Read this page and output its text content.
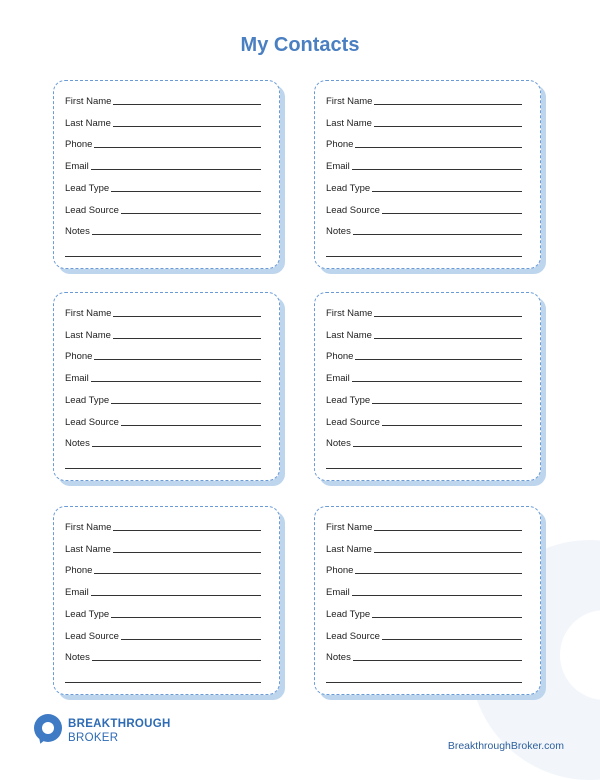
My Contacts
First Name
Last Name
Phone
Email
Lead Type
Lead Source
Notes
First Name
Last Name
Phone
Email
Lead Type
Lead Source
Notes
First Name
Last Name
Phone
Email
Lead Type
Lead Source
Notes
First Name
Last Name
Phone
Email
Lead Type
Lead Source
Notes
First Name
Last Name
Phone
Email
Lead Type
Lead Source
Notes
First Name
Last Name
Phone
Email
Lead Type
Lead Source
Notes
BREAKTHROUGH
BROKER
BreakthroughBroker.com
